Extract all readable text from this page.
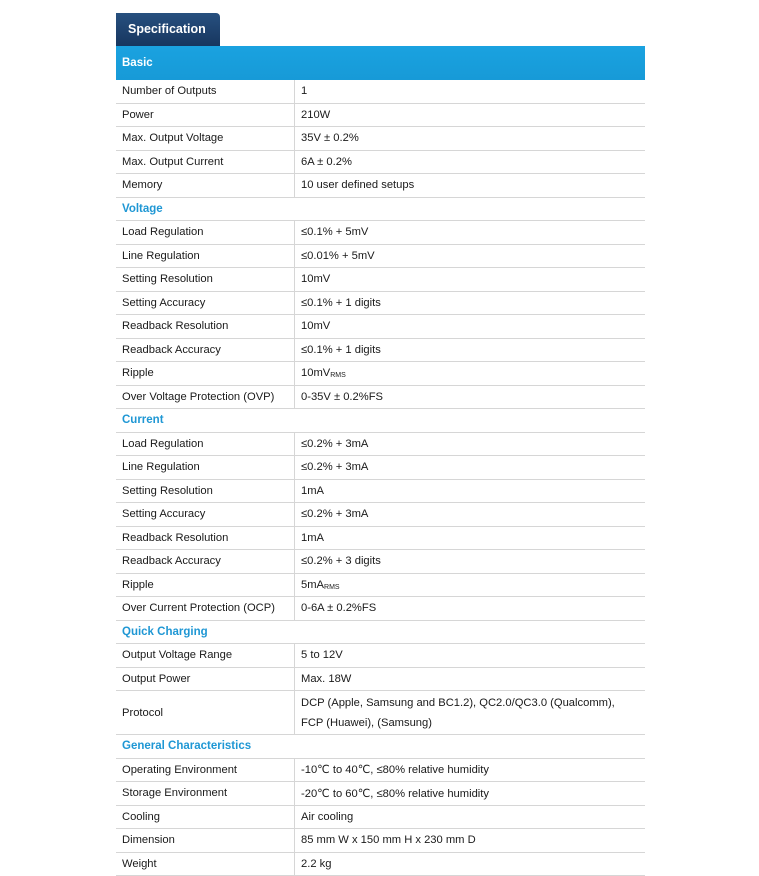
Specification
Basic
Number of Outputs	1
Power	210W
Max. Output Voltage	35V ± 0.2%
Max. Output Current	6A ± 0.2%
Memory	10 user defined setups
Voltage	
Load Regulation	≤0.1% + 5mV
Line Regulation	≤0.01% + 5mV
Setting Resolution	10mV
Setting Accuracy	≤0.1% + 1 digits
Readback Resolution	10mV
Readback Accuracy	≤0.1% + 1 digits
Ripple	$10mV_{RMS}$
Over Voltage Protection (OVP)	0-35V ± 0.2%FS
Current	
Load Regulation	≤0.2% + 3mA
Line Regulation	≤0.2% + 3mA
Setting Resolution	1mA
Setting Accuracy	≤0.2% + 3mA
Readback Resolution	1mA
Readback Accuracy	≤0.2% + 3 digits
Ripple	$5mA_{RMS}$
Over Current Protection (OCP)	0-6A ± 0.2%FS
Quick Charging	
Output Voltage Range	5 to 12V
Output Power	Max. 18W
Protocol	DCP (Apple, Samsung and BC1.2), QC2.0/QC3.0 (Qualcomm),
FCP (Huawei), (Samsung)
General Characteristics	
Operating Environment	-10℃ to 40℃, ≤80% relative humidity
Storage Environment	-20℃ to 60℃, ≤80% relative humidity
Cooling	Air cooling
Dimension	85 mm W x 150 mm H x 230 mm D
Weight	2.2 kg
